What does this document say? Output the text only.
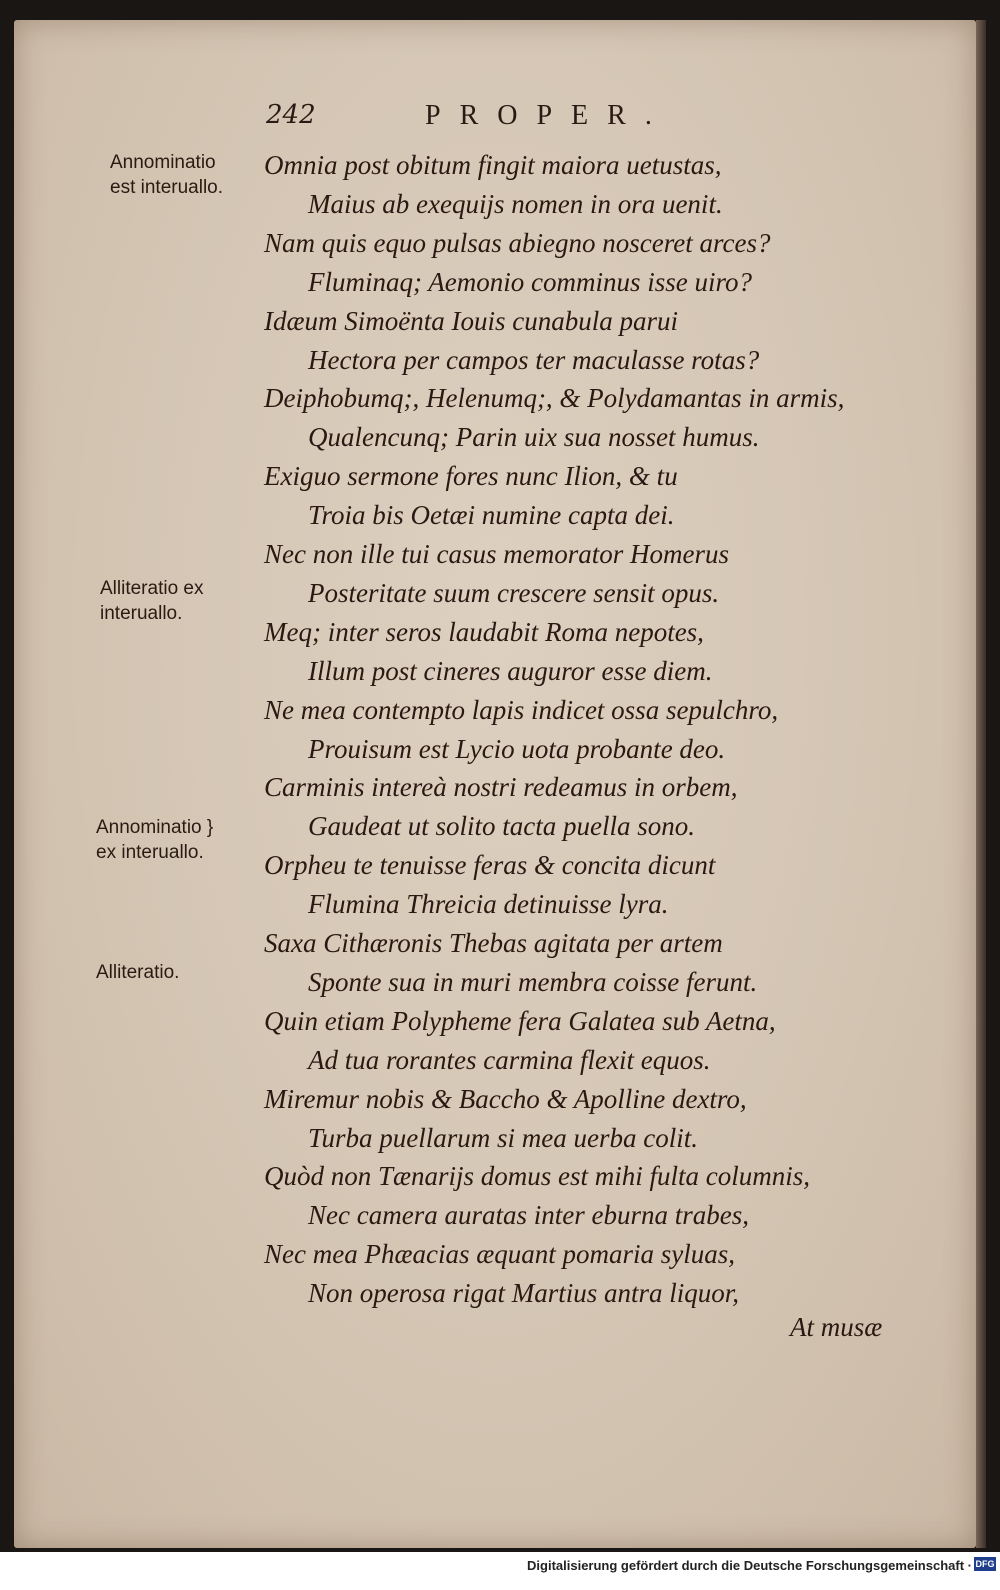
242	PROPER.
Omnia post obitum fingit maiora uetustas,
Maius ab exequijs nomen in ora uenit.
Nam quis equo pulsas abiegno nosceret arces?
Fluminaq; Aemonio comminus isse uiro?
Idæum Simoënta Iouis cunabula parui
Hectora per campos ter maculasse rotas?
Deiphobumq;, Helenumq;, & Polydamantas in armis,
Qualencunq; Parin uix sua nosset humus.
Exiguo sermone fores nunc Ilion, & tu
Troia bis Oetæi numine capta dei.
Nec non ille tui casus memorator Homerus
Posteritate suum crescere sensit opus.
Meq; inter seros laudabit Roma nepotes,
Illum post cineres auguror esse diem.
Ne mea contempto lapis indicet ossa sepulchro,
Prouisum est Lycio uota probante deo.
Carminis intereà nostri redeamus in orbem,
Gaudeat ut solito tacta puella sono.
Orpheu te tenuisse feras & concita dicunt
Flumina Threicia detinuisse lyra.
Saxa Cithæronis Thebas agitata per artem
Sponte sua in muri membra coisse ferunt.
Quin etiam Polypheme fera Galatea sub Aetna,
Ad tua rorantes carmina flexit equos.
Miremur nobis & Baccho & Apolline dextro,
Turba puellarum si mea uerba colit.
Quòd non Tænarijs domus est mihi fulta columnis,
Nec camera auratas inter eburna trabes,
Nec mea Phæacias æquant pomaria syluas,
Non operosa rigat Martius antra liquor,
Annominatio
est interuallo.
Alliteratio ex
interuallo.
Annominatio }
ex interuallo.
Alliteratio.
At musæ
Digitalisierung gefördert durch die Deutsche Forschungsgemeinschaft · DFG
